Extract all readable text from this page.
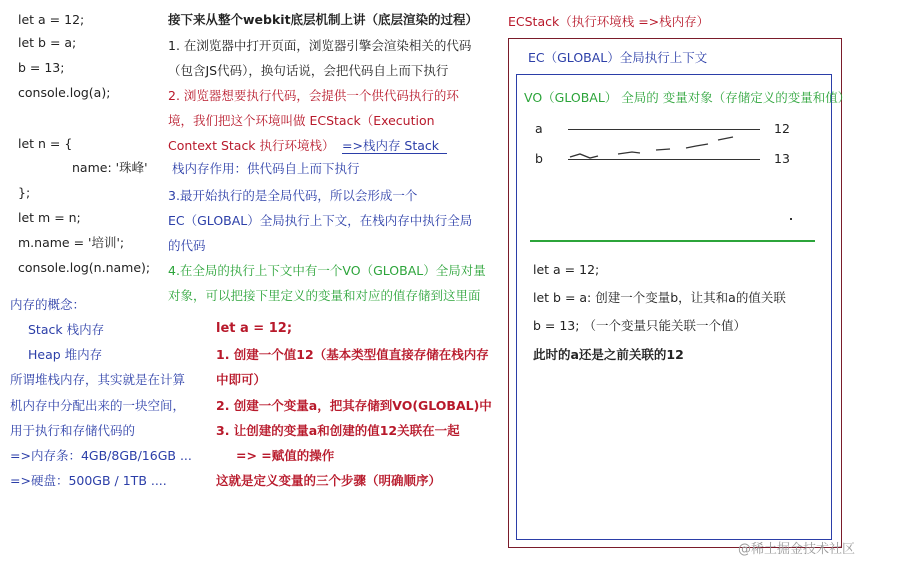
let a = 12;
let b = a;
b = 13;
console.log(a);
let n = {
name: '珠峰'
};
let m = n;
m.name = '培训';
console.log(n.name);
内存的概念：
Stack 栈内存
Heap 堆内存
所谓堆栈内存，其实就是在计算
机内存中分配出来的一块空间，
用于执行和存储代码的
=>内存条：4GB/8GB/16GB ...
=>硬盘：500GB / 1TB ....
接下来从整个webkit底层机制上讲（底层渲染的过程）
1. 在浏览器中打开页面，浏览器引擎会渲染相关的代码
（包含JS代码），换句话说，会把代码自上而下执行
2. 浏览器想要执行代码，会提供一个供代码执行的环
境，我们把这个环境叫做 ECStack（Execution
Context Stack 执行环境栈） =>栈内存 Stack
栈内存作用：供代码自上而下执行
3.最开始执行的是全局代码，所以会形成一个
EC（GLOBAL）全局执行上下文，在栈内存中执行全局
的代码
4.在全局的执行上下文中有一个VO（GLOBAL）全局对量
对象，可以把接下里定义的变量和对应的值存储到这里面
let a = 12;
1. 创建一个值12（基本类型值直接存储在栈内存
中即可）
2. 创建一个变量a，把其存储到VO(GLOBAL)中
3. 让创建的变量a和创建的值12关联在一起
=> =赋值的操作
这就是定义变量的三个步骤（明确顺序）
ECStack（执行环境栈 =>栈内存）
EC（GLOBAL）全局执行上下文
VO（GLOBAL） 全局的 变量对象（存储定义的变量和值）
a	12
b	13
let a = 12;
let b = a: 创建一个变量b，让其和a的值关联
b = 13; （一个变量只能关联一个值）
此时的a还是之前关联的12
@稀土掘金技术社区
